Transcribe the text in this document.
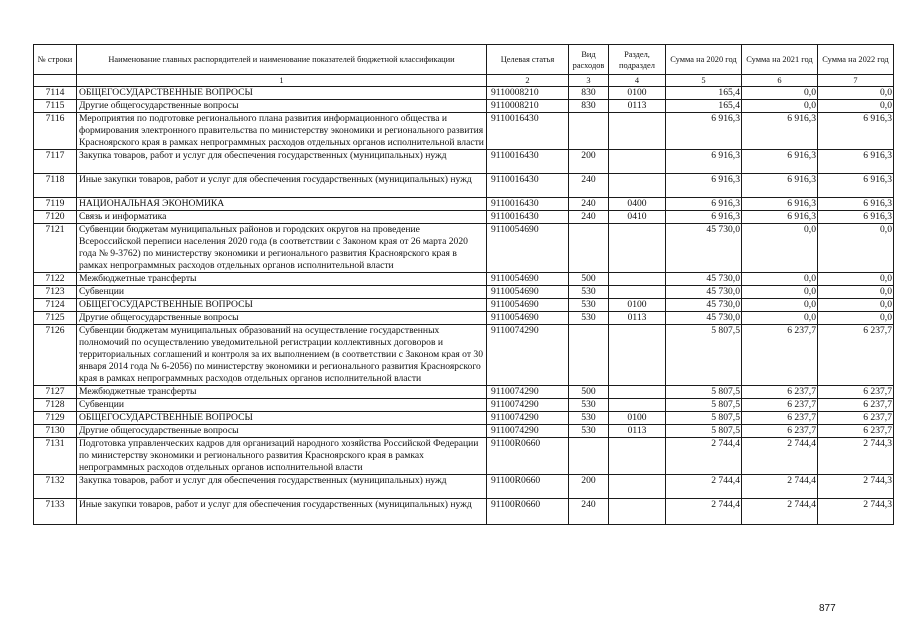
№ строки	Наименование главных распорядителей и наименование показателей бюджетной классификации	Целевая статья	Вид расходов	Раздел, подраздел	Сумма на 2020 год	Сумма на 2021 год	Сумма на 2022 год
	1	2	3	4	5	6	7
7114	ОБЩЕГОСУДАРСТВЕННЫЕ ВОПРОСЫ	9110008210	830	0100	165,4	0,0	0,0
7115	Другие общегосударственные вопросы	9110008210	830	0113	165,4	0,0	0,0
7116	Мероприятия по подготовке регионального плана развития информационного общества и формирования электронного правительства по министерству экономики и регионального развития Красноярского края в рамках непрограммных расходов отдельных органов исполнительной власти	9110016430			6 916,3	6 916,3	6 916,3
7117	Закупка товаров, работ и услуг для обеспечения государственных (муниципальных) нужд	9110016430	200		6 916,3	6 916,3	6 916,3
7118	Иные закупки товаров, работ и услуг для обеспечения государственных (муниципальных) нужд	9110016430	240		6 916,3	6 916,3	6 916,3
7119	НАЦИОНАЛЬНАЯ ЭКОНОМИКА	9110016430	240	0400	6 916,3	6 916,3	6 916,3
7120	Связь и информатика	9110016430	240	0410	6 916,3	6 916,3	6 916,3
7121	Субвенции бюджетам муниципальных районов и городских округов на проведение Всероссийской переписи населения 2020 года (в соответствии с Законом края от 26 марта 2020 года № 9-3762) по министерству экономики и регионального развития Красноярского края в рамках непрограммных расходов отдельных органов исполнительной власти	9110054690			45 730,0	0,0	0,0
7122	Межбюджетные трансферты	9110054690	500		45 730,0	0,0	0,0
7123	Субвенции	9110054690	530		45 730,0	0,0	0,0
7124	ОБЩЕГОСУДАРСТВЕННЫЕ ВОПРОСЫ	9110054690	530	0100	45 730,0	0,0	0,0
7125	Другие общегосударственные вопросы	9110054690	530	0113	45 730,0	0,0	0,0
7126	Субвенции бюджетам муниципальных образований на осуществление государственных полномочий по осуществлению уведомительной регистрации коллективных договоров и территориальных соглашений и контроля за их выполнением (в соответствии с Законом края от 30 января 2014 года № 6-2056) по министерству экономики и регионального развития Красноярского края в рамках непрограммных расходов отдельных органов исполнительной власти	9110074290			5 807,5	6 237,7	6 237,7
7127	Межбюджетные трансферты	9110074290	500		5 807,5	6 237,7	6 237,7
7128	Субвенции	9110074290	530		5 807,5	6 237,7	6 237,7
7129	ОБЩЕГОСУДАРСТВЕННЫЕ ВОПРОСЫ	9110074290	530	0100	5 807,5	6 237,7	6 237,7
7130	Другие общегосударственные вопросы	9110074290	530	0113	5 807,5	6 237,7	6 237,7
7131	Подготовка управленческих кадров для организаций народного хозяйства Российской Федерации по министерству экономики и регионального развития Красноярского края в рамках непрограммных расходов отдельных органов исполнительной власти	91100R0660			2 744,4	2 744,4	2 744,3
7132	Закупка товаров, работ и услуг для обеспечения государственных (муниципальных) нужд	91100R0660	200		2 744,4	2 744,4	2 744,3
7133	Иные закупки товаров, работ и услуг для обеспечения государственных (муниципальных) нужд	91100R0660	240		2 744,4	2 744,4	2 744,3
877
